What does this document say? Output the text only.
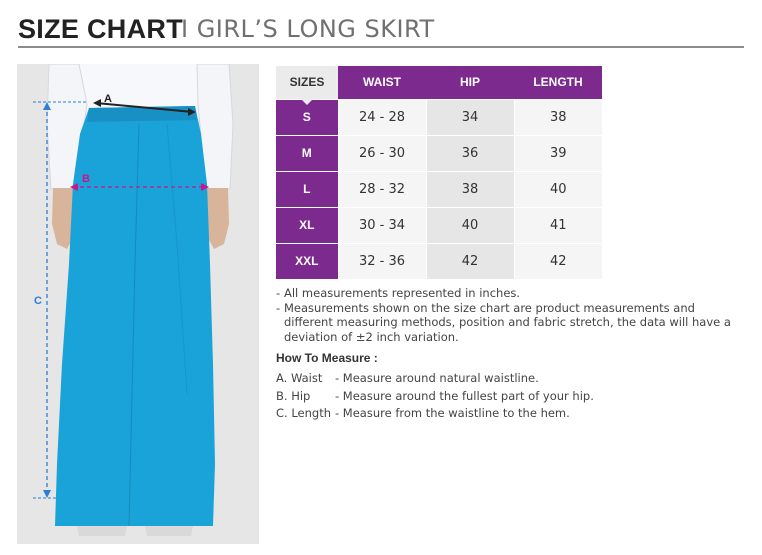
SIZE CHART
I GIRL’S LONG SKIRT
A
B
C
SIZES	WAIST	HIP	LENGTH
S	24 - 28	34	38
M	26 - 30	36	39
L	28 - 32	38	40
XL	30 - 34	40	41
XXL	32 - 36	42	42
- All measurements represented in inches.
- Measurements shown on the size chart are product measurements and different measuring methods, position and fabric stretch, the data will have a deviation of ±2 inch variation.
How To Measure :
A. Waist	- Measure around natural waistline.
B. Hip	- Measure around the fullest part of your hip.
C. Length - Measure from the waistline to the hem.
